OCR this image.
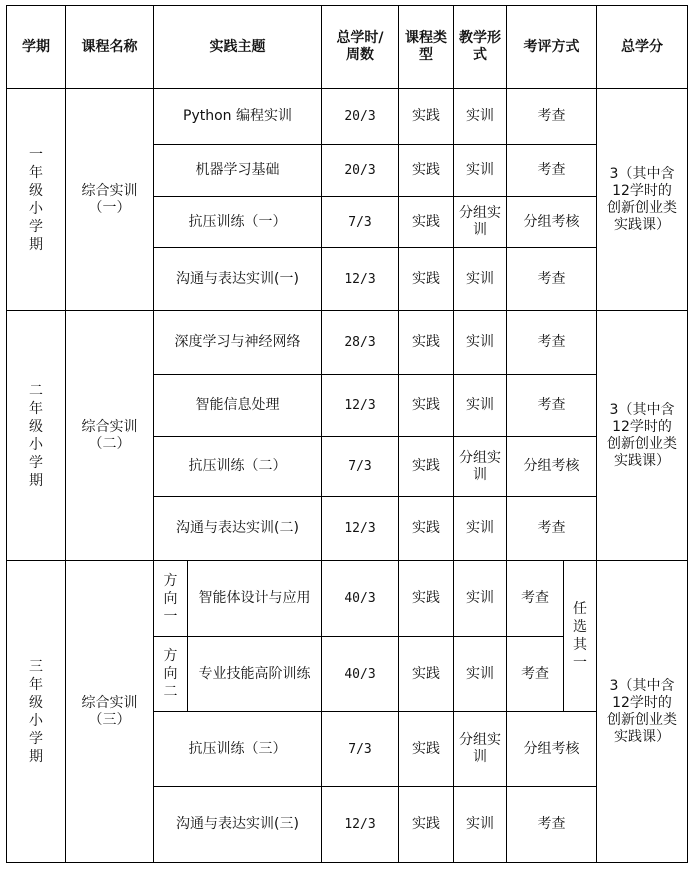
学期	课程名称	实践主题		总学时/周数	课程类型	教学形式	考评方式		总学分
一年级小学期	综合实训（一）	Python 编程实训		20/3	实践	实训	考查		3（其中含12学时的创新创业类实践课）
		机器学习基础		20/3	实践	实训	考查		
		抗压训练（一）		7/3	实践	分组实训	分组考核		
		沟通与表达实训(一)		12/3	实践	实训	考查		
二年级小学期	综合实训（二）	深度学习与神经网络		28/3	实践	实训	考查		3（其中含12学时的创新创业类实践课）
		智能信息处理		12/3	实践	实训	考查		
		抗压训练（二）		7/3	实践	分组实训	分组考核		
		沟通与表达实训(二)		12/3	实践	实训	考查		
三年级小学期	综合实训（三）	方向一	智能体设计与应用	40/3	实践	实训	考查	任选其一	3（其中含12学时的创新创业类实践课）
		方向二	专业技能高阶训练	40/3	实践	实训	考查		
		抗压训练（三）		7/3	实践	分组实训	分组考核		
		沟通与表达实训(三)		12/3	实践	实训	考查		
